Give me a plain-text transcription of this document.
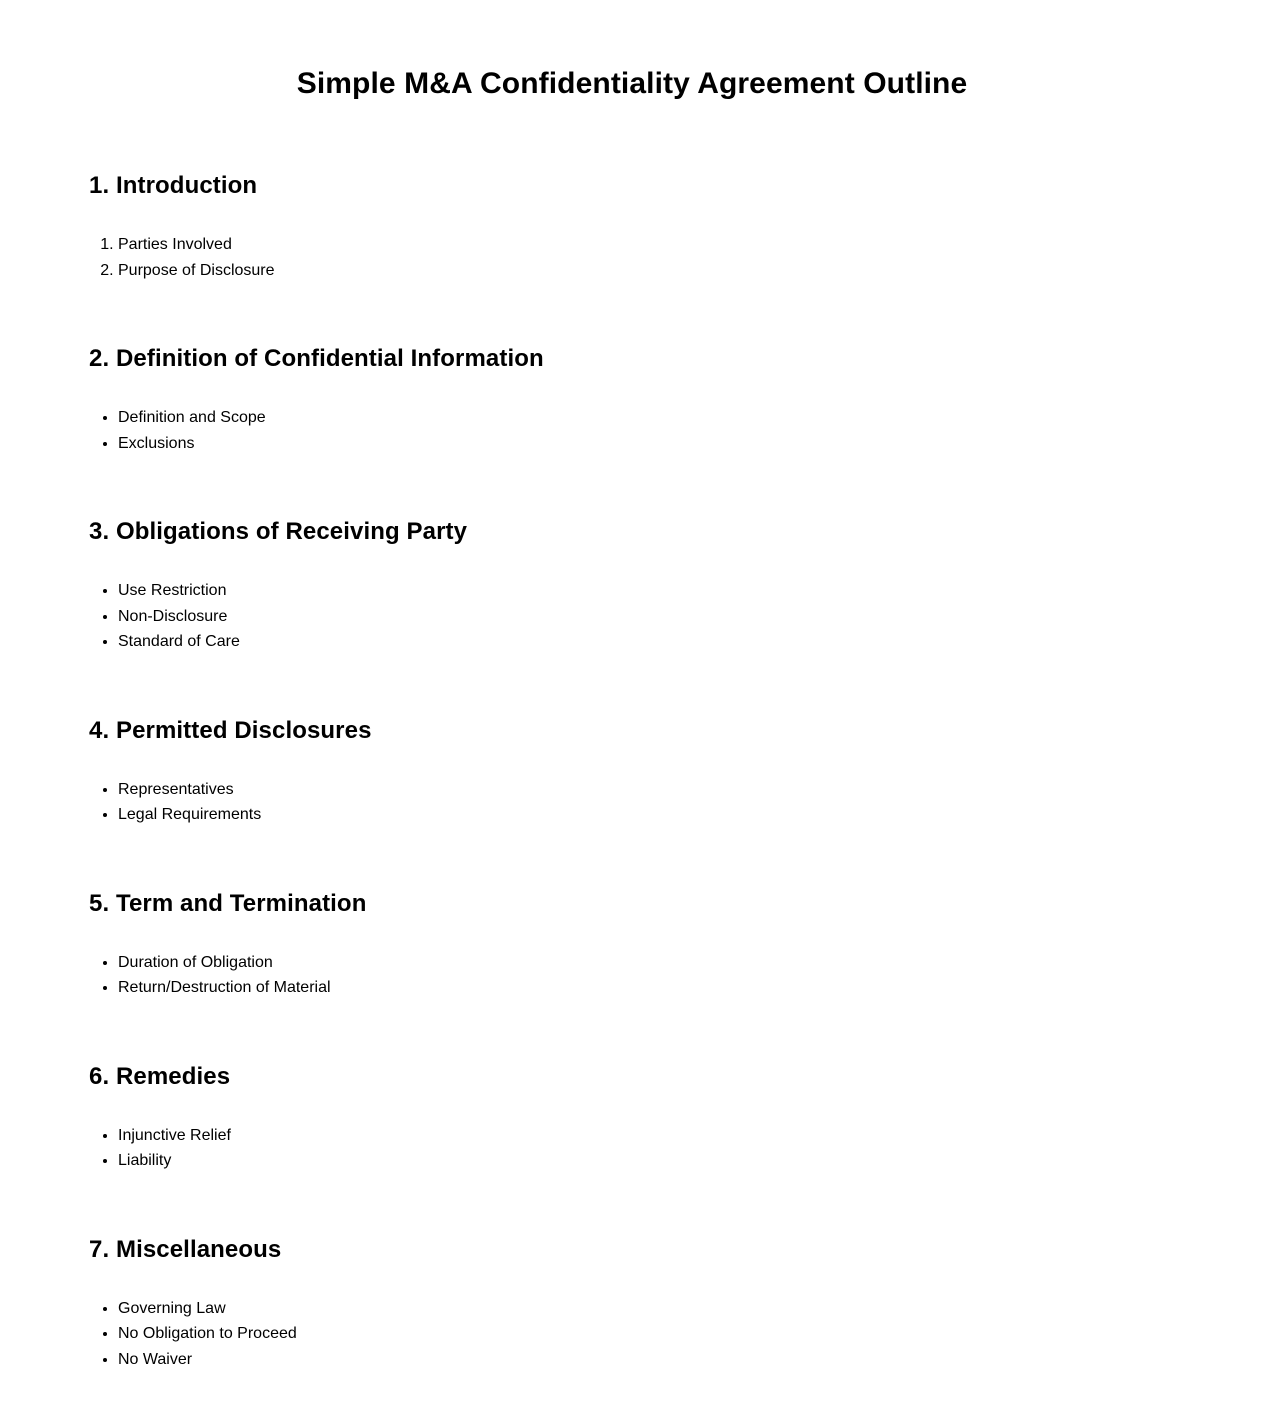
Simple M&A Confidentiality Agreement Outline
1. Introduction
1. Parties Involved
2. Purpose of Disclosure
2. Definition of Confidential Information
• Definition and Scope
• Exclusions
3. Obligations of Receiving Party
• Use Restriction
• Non-Disclosure
• Standard of Care
4. Permitted Disclosures
• Representatives
• Legal Requirements
5. Term and Termination
• Duration of Obligation
• Return/Destruction of Material
6. Remedies
• Injunctive Relief
• Liability
7. Miscellaneous
• Governing Law
• No Obligation to Proceed
• No Waiver
